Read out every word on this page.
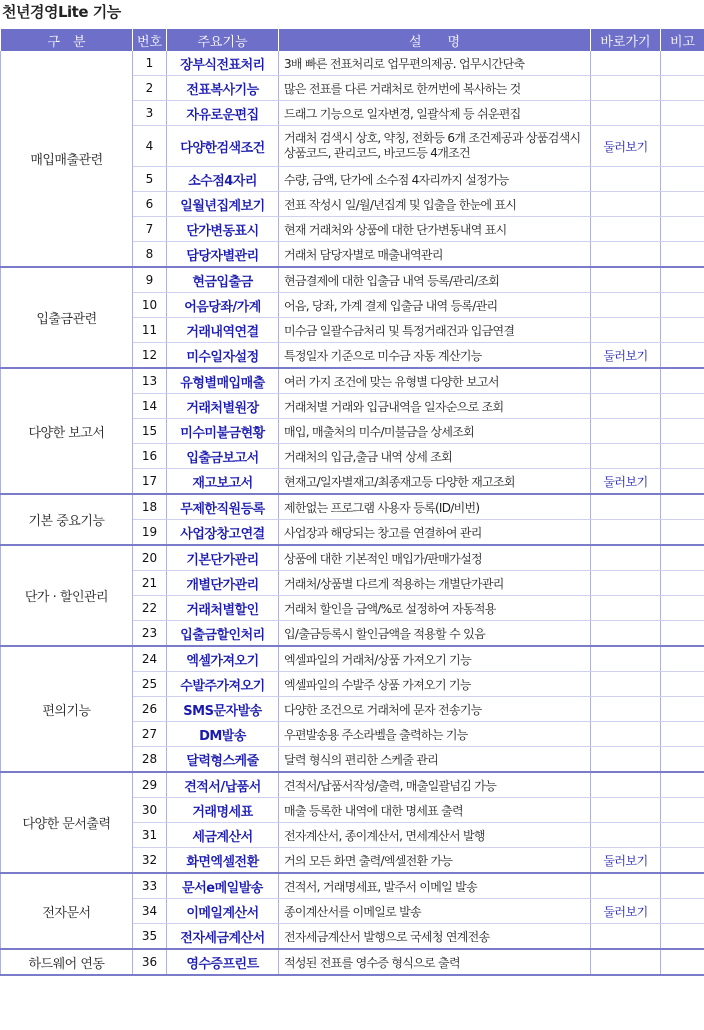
천년경영Lite 기능
구　분	번호	주요기능	설　　명	바로가기	비고
매입매출관련	1	장부식전표처리	3배 빠른 전표처리로 업무편의제공. 업무시간단축		
	2	전표복사기능	많은 전표를 다른 거래처로 한꺼번에 복사하는 것		
	3	자유로운편집	드래그 기능으로 일자변경, 일괄삭제 등 쉬운편집		
	4	다양한검색조건	거래처 검색시 상호, 약칭, 전화등 6개 조건제공과 상품검색시 상품코드, 관리코드, 바코드등 4개조건	둘러보기	
	5	소수점4자리	수량, 금액, 단가에 소수점 4자리까지 설정가능		
	6	일월년집계보기	전표 작성시 일/월/년집계 및 입출을 한눈에 표시		
	7	단가변동표시	현재 거래처와 상품에 대한 단가변동내역 표시		
	8	담당자별관리	거래처 담당자별로 매출내역관리		
입출금관련	9	현금입출금	현금결제에 대한 입출금 내역 등록/관리/조회		
	10	어음당좌/가계	어음, 당좌, 가계 결제 입출금 내역 등록/관리		
	11	거래내역연결	미수금 일괄수금처리 및 특정거래건과 입금연결		
	12	미수일자설정	특정일자 기준으로 미수금 자동 계산기능	둘러보기	
다양한 보고서	13	유형별매입매출	여러 가지 조건에 맞는 유형별 다양한 보고서		
	14	거래처별원장	거래처별 거래와 입금내역을 일자순으로 조회		
	15	미수미불금현황	매입, 매출처의 미수/미불금을 상세조회		
	16	입출금보고서	거래처의 입금,출금 내역 상세 조회		
	17	재고보고서	현재고/일자별재고/최종재고등 다양한 재고조회	둘러보기	
기본 중요기능	18	무제한직원등록	제한없는 프로그램 사용자 등록(ID/비번)		
	19	사업장창고연결	사업장과 해당되는 창고를 연결하여 관리		
단가 · 할인관리	20	기본단가관리	상품에 대한 기본적인 매입가/판매가설정		
	21	개별단가관리	거래처/상품별 다르게 적용하는 개별단가관리		
	22	거래처별할인	거래처 할인을 금액/%로 설정하여 자동적용		
	23	입출금할인처리	입/출금등록시 할인금액을 적용할 수 있음		
편의기능	24	엑셀가져오기	엑셀파일의 거래처/상품 가져오기 기능		
	25	수발주가져오기	엑셀파일의 수발주 상품 가져오기 기능		
	26	SMS문자발송	다양한 조건으로 거래처에 문자 전송기능		
	27	DM발송	우편발송용 주소라벨을 출력하는 기능		
	28	달력형스케줄	달력 형식의 편리한 스케줄 관리		
다양한 문서출력	29	견적서/납품서	견적서/납품서작성/출력, 매출일괄넘김 가능		
	30	거래명세표	매출 등록한 내역에 대한 명세표 출력		
	31	세금계산서	전자계산서, 종이계산서, 면세계산서 발행		
	32	화면엑셀전환	거의 모든 화면 출력/엑셀전환 가능	둘러보기	
전자문서	33	문서e메일발송	견적서, 거래명세표, 발주서 이메일 발송		
	34	이메일계산서	종이계산서를 이메일로 발송	둘러보기	
	35	전자세금계산서	전자세금계산서 발행으로 국세청 연계전송		
하드웨어 연동	36	영수증프린트	적성된 전표를 영수증 형식으로 출력		
